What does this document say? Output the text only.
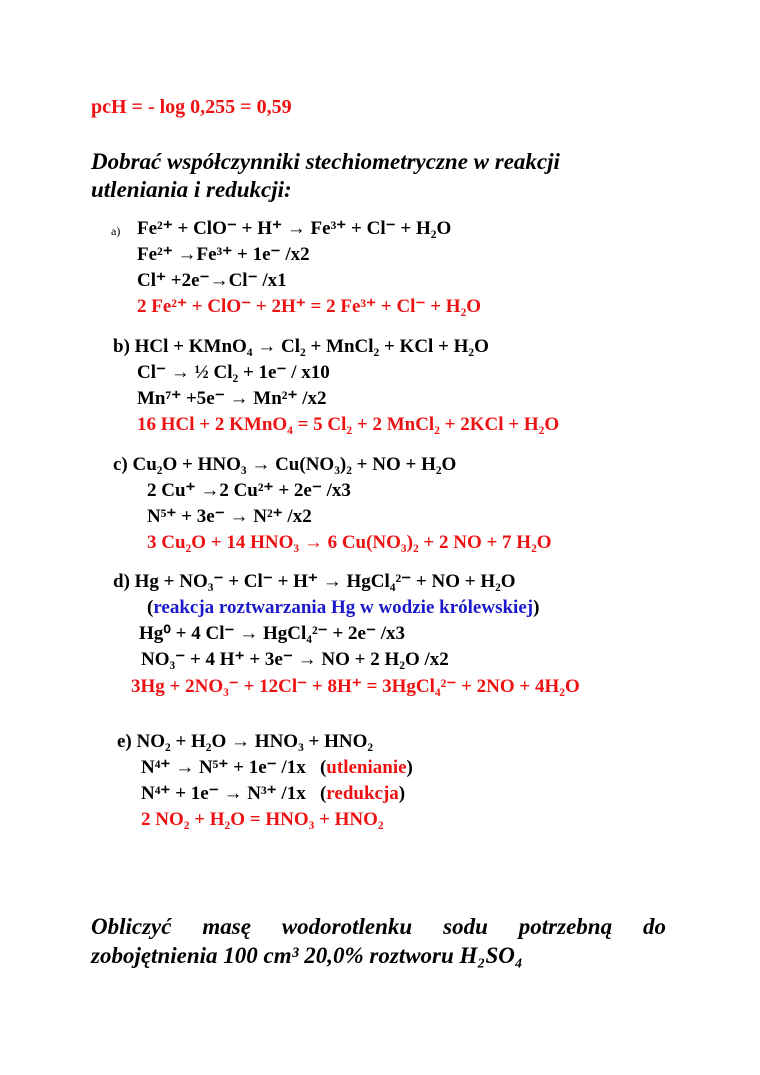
pcH = - log 0,255 = 0,59
Dobrać współczynniki stechiometryczne w reakcji
utleniania i redukcji:
a) Fe²⁺ + ClO⁻ + H⁺ → Fe³⁺ + Cl⁻ + H₂O
Fe²⁺ →Fe³⁺ + 1e⁻ /x2
Cl⁺ +2e⁻→Cl⁻ /x1
2 Fe²⁺ + ClO⁻ + 2H⁺ = 2 Fe³⁺ + Cl⁻ + H₂O
b) HCl + KMnO₄ → Cl₂ + MnCl₂ + KCl + H₂O
Cl⁻ → ½ Cl₂ + 1e⁻ / x10
Mn⁷⁺ +5e⁻ → Mn²⁺ /x2
16 HCl + 2 KMnO₄ = 5 Cl₂ + 2 MnCl₂ + 2KCl + H₂O
c) Cu₂O + HNO₃ → Cu(NO₃)₂ + NO + H₂O
2 Cu⁺ →2 Cu²⁺ + 2e⁻ /x3
N⁵⁺ + 3e⁻ → N²⁺ /x2
3 Cu₂O + 14 HNO₃ → 6 Cu(NO₃)₂ + 2 NO + 7 H₂O
d) Hg + NO₃⁻ + Cl⁻ + H⁺ → HgCl₄²⁻ + NO + H₂O
(reakcja roztwarzania Hg w wodzie królewskiej)
Hg⁰ + 4 Cl⁻ → HgCl₄²⁻ + 2e⁻ /x3
NO₃⁻ + 4 H⁺ + 3e⁻ → NO + 2 H₂O /x2
3Hg + 2NO₃⁻ + 12Cl⁻ + 8H⁺ = 3HgCl₄²⁻ + 2NO + 4H₂O
e) NO₂ + H₂O → HNO₃ + HNO₂
N⁴⁺ → N⁵⁺ + 1e⁻ /1x   (utlenianie)
N⁴⁺ + 1e⁻ → N³⁺ /1x   (redukcja)
2 NO₂ + H₂O = HNO₃ + HNO₂
Obliczyć masę wodorotlenku sodu potrzebną do
zobojętnienia 100 cm³ 20,0% roztworu H₂SO₄
